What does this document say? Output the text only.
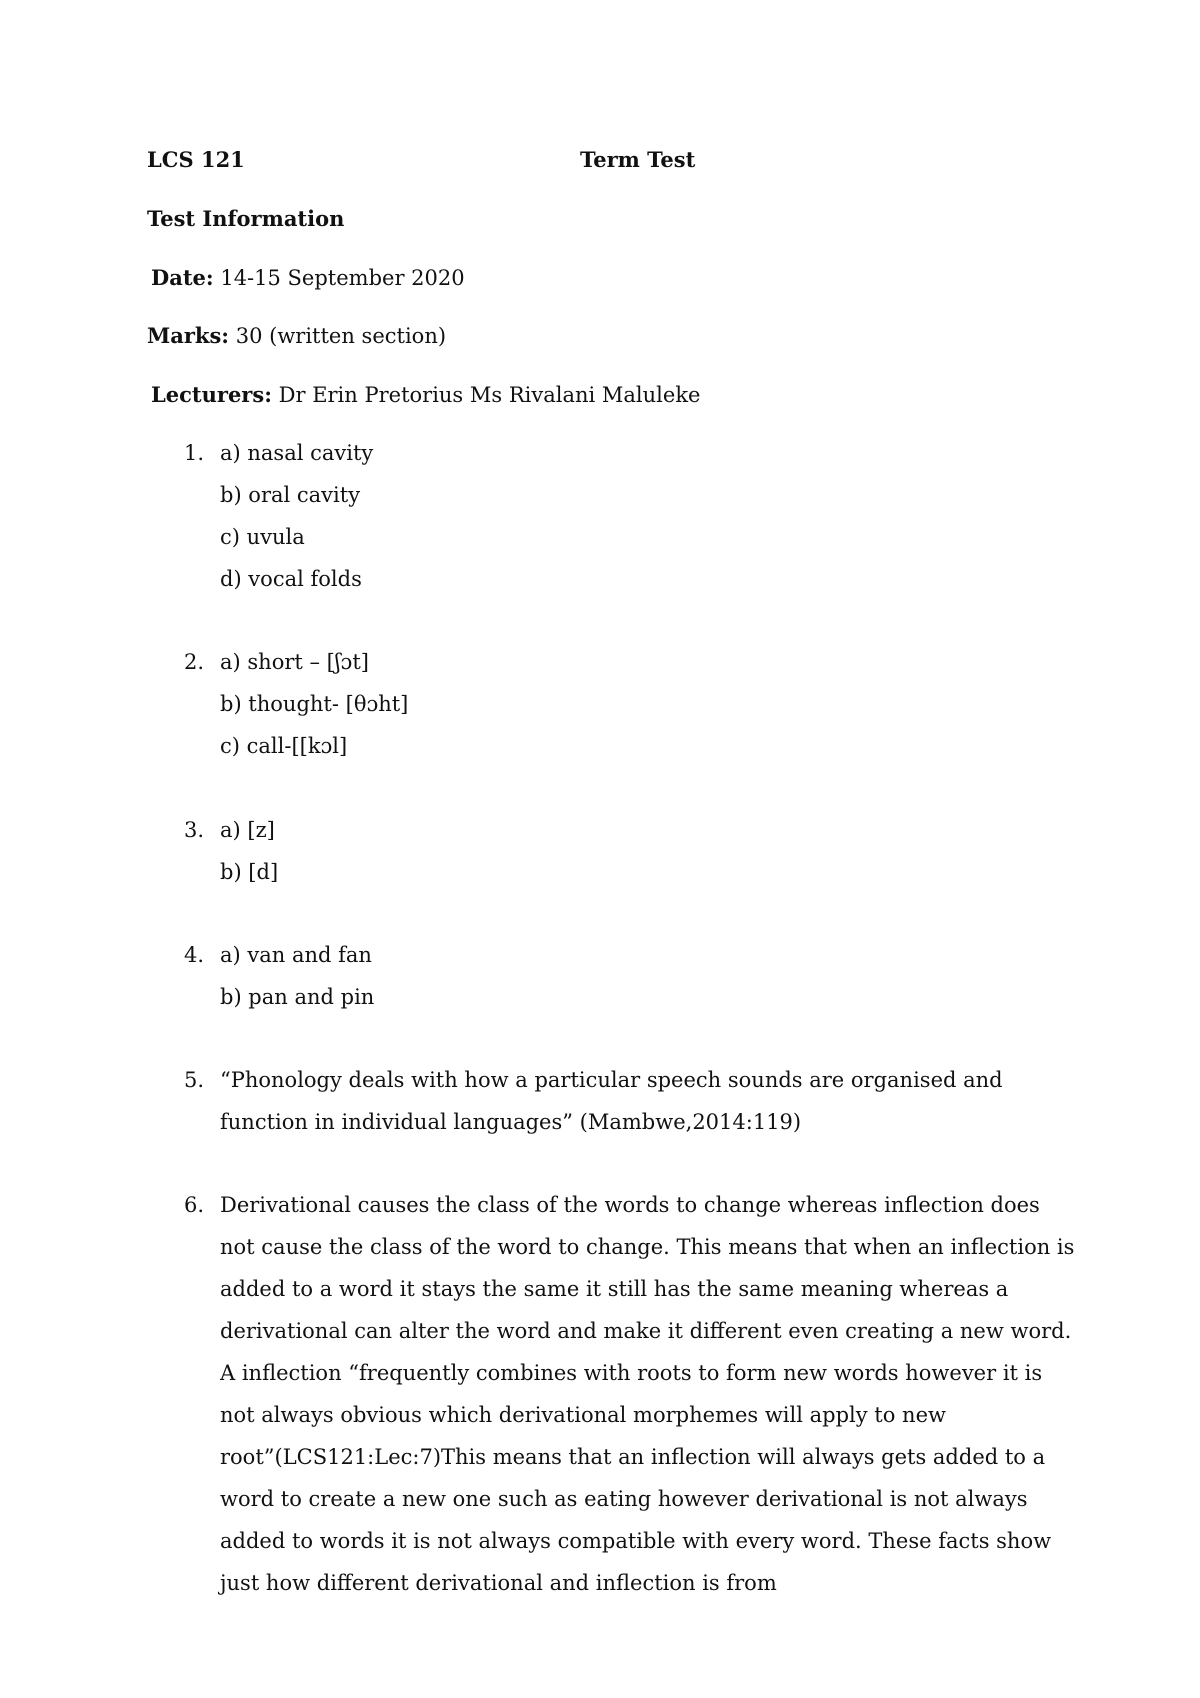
LCS 121	Term Test
Test Information
Date: 14-15 September 2020
Marks: 30 (written section)
Lecturers: Dr Erin Pretorius Ms Rivalani Maluleke
1. a) nasal cavity
b) oral cavity
c) uvula
d) vocal folds
2. a) short – [ʃɔt]
b) thought- [θɔht]
c) call-[[kɔl]
3. a) [z]
b) [d]
4. a) van and fan
b) pan and pin
5. “Phonology deals with how a particular speech sounds are organised and function in individual languages” (Mambwe,2014:119)
6. Derivational causes the class of the words to change whereas inflection does not cause the class of the word to change. This means that when an inflection is added to a word it stays the same it still has the same meaning whereas a derivational can alter the word and make it different even creating a new word. A inflection “frequently combines with roots to form new words however it is not always obvious which derivational morphemes will apply to new root”(LCS121:Lec:7)This means that an inflection will always gets added to a word to create a new one such as eating however derivational is not always added to words it is not always compatible with every word. These facts show just how different derivational and inflection is from
